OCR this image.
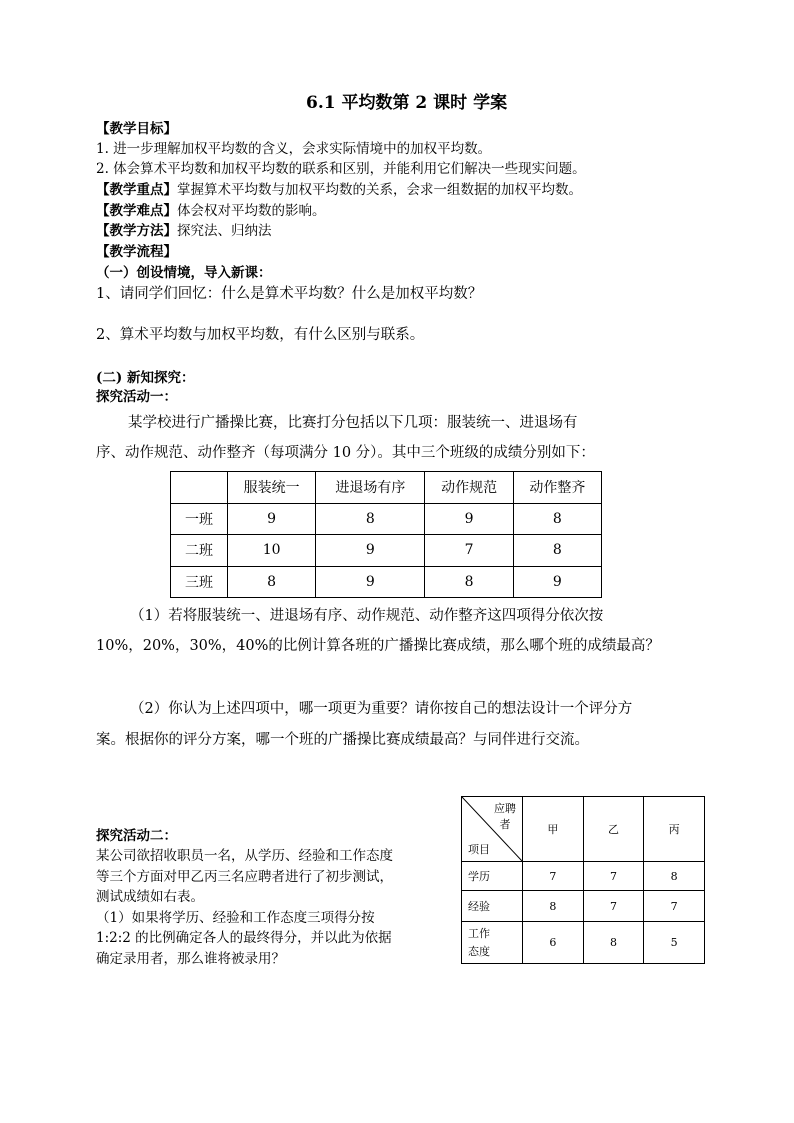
6.1 平均数第 2 课时 学案
【教学目标】
1. 进一步理解加权平均数的含义，会求实际情境中的加权平均数。
2. 体会算术平均数和加权平均数的联系和区别，并能利用它们解决一些现实问题。
【教学重点】掌握算术平均数与加权平均数的关系，会求一组数据的加权平均数。
【教学难点】体会权对平均数的影响。
【教学方法】探究法、归纳法
【教学流程】
（一）创设情境，导入新课：
1、请同学们回忆：什么是算术平均数？什么是加权平均数？
2、算术平均数与加权平均数，有什么区别与联系。
(二) 新知探究：
探究活动一：
某学校进行广播操比赛，比赛打分包括以下几项：服装统一、进退场有
序、动作规范、动作整齐（每项满分 10 分）。其中三个班级的成绩分别如下：
	服装统一	进退场有序	动作规范	动作整齐
一班	9	8	9	8
二班	10	9	7	8
三班	8	9	8	9
（1）若将服装统一、进退场有序、动作规范、动作整齐这四项得分依次按
10%，20%，30%，40%的比例计算各班的广播操比赛成绩，那么哪个班的成绩最高？
（2）你认为上述四项中，哪一项更为重要？请你按自己的想法设计一个评分方
案。根据你的评分方案，哪一个班的广播操比赛成绩最高？与同伴进行交流。
探究活动二：
某公司欲招收职员一名，从学历、经验和工作态度
等三个方面对甲乙丙三名应聘者进行了初步测试，
测试成绩如右表。
（1）如果将学历、经验和工作态度三项得分按
1:2:2 的比例确定各人的最终得分，并以此为依据
确定录用者，那么谁将被录用？
应聘
者
项目	甲	乙	丙
学历	7	7	8
经验	8	7	7

工作
态度	6	8	5
